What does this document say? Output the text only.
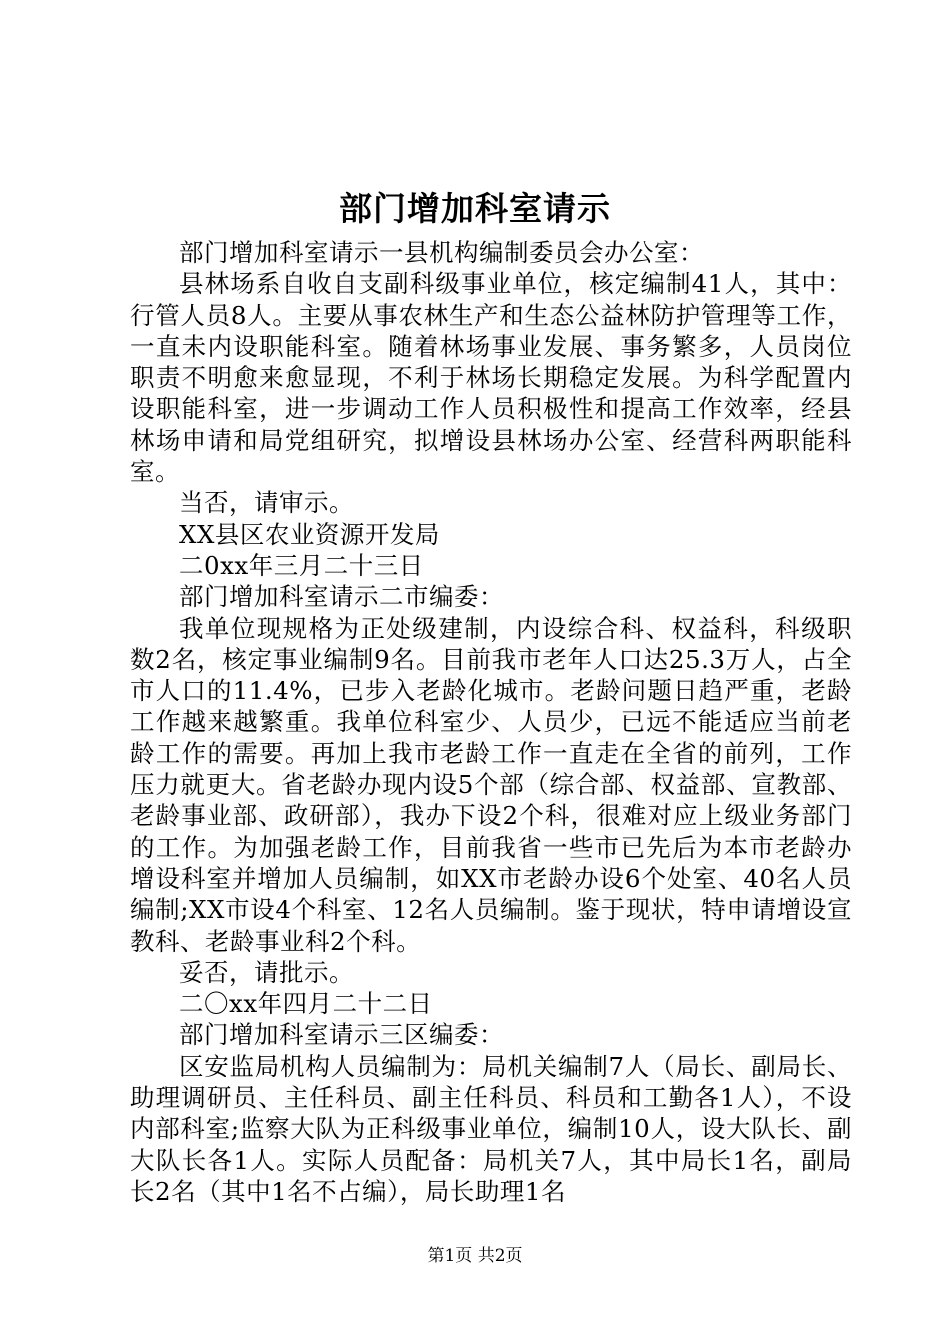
部门增加科室请示

部门增加科室请示一县机构编制委员会办公室：

县林场系自收自支副科级事业单位，核定编制41人，其中：行管人员8人。主要从事农林生产和生态公益林防护管理等工作，一直未内设职能科室。随着林场事业发展、事务繁多，人员岗位职责不明愈来愈显现，不利于林场长期稳定发展。为科学配置内设职能科室，进一步调动工作人员积极性和提高工作效率，经县林场申请和局党组研究，拟增设县林场办公室、经营科两职能科室。

当否，请审示。

XX县区农业资源开发局

二0xx年三月二十三日

部门增加科室请示二市编委：

我单位现规格为正处级建制，内设综合科、权益科，科级职数2名，核定事业编制9名。目前我市老年人口达25.3万人，占全市人口的11.4%，已步入老龄化城市。老龄问题日趋严重，老龄工作越来越繁重。我单位科室少、人员少，已远不能适应当前老龄工作的需要。再加上我市老龄工作一直走在全省的前列，工作压力就更大。省老龄办现内设5个部（综合部、权益部、宣教部、老龄事业部、政研部），我办下设2个科，很难对应上级业务部门的工作。为加强老龄工作，目前我省一些市已先后为本市老龄办增设科室并增加人员编制，如XX市老龄办设6个处室、40名人员编制;XX市设4个科室、12名人员编制。鉴于现状，特申请增设宣教科、老龄事业科2个科。

妥否，请批示。

二〇xx年四月二十二日

部门增加科室请示三区编委：

区安监局机构人员编制为：局机关编制7人（局长、副局长、助理调研员、主任科员、副主任科员、科员和工勤各1人），不设内部科室;监察大队为正科级事业单位，编制10人，设大队长、副大队长各1人。实际人员配备：局机关7人，其中局长1名，副局长2名（其中1名不占编），局长助理1名

第1页 共2页
